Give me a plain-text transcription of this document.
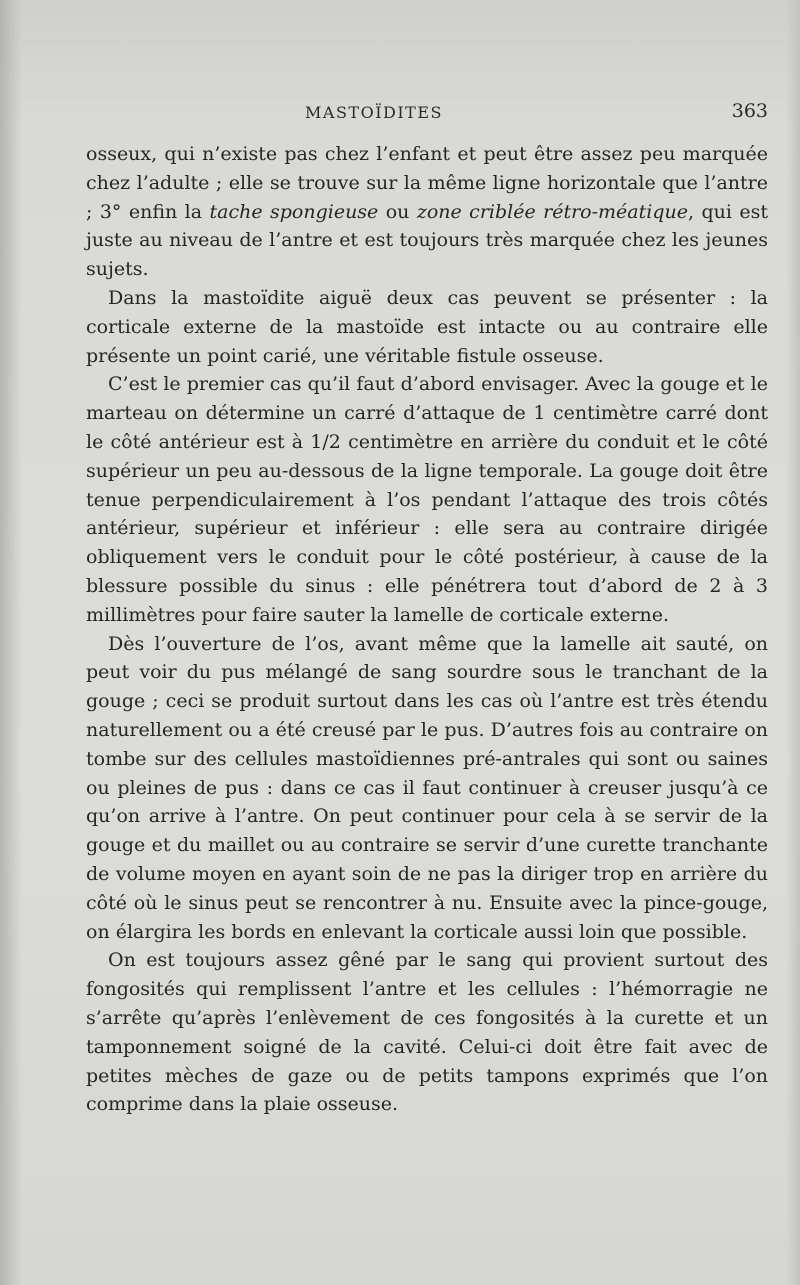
MASTOÏDITES	363

osseux, qui n’existe pas chez l’enfant et peut être assez peu marquée chez l’adulte ; elle se trouve sur la même ligne horizontale que l’antre ; 3° enfin la tache spongieuse ou zone criblée rétro-méatique, qui est juste au niveau de l’antre et est toujours très marquée chez les jeunes sujets.

Dans la mastoïdite aiguë deux cas peuvent se présenter : la corticale externe de la mastoïde est intacte ou au contraire elle présente un point carié, une véritable fistule osseuse.

C’est le premier cas qu’il faut d’abord envisager. Avec la gouge et le marteau on détermine un carré d’attaque de 1 centimètre carré dont le côté antérieur est à 1/2 centimètre en arrière du conduit et le côté supérieur un peu au-dessous de la ligne temporale. La gouge doit être tenue perpendiculairement à l’os pendant l’attaque des trois côtés antérieur, supérieur et inférieur : elle sera au contraire dirigée obliquement vers le conduit pour le côté postérieur, à cause de la blessure possible du sinus : elle pénétrera tout d’abord de 2 à 3 millimètres pour faire sauter la lamelle de corticale externe.

Dès l’ouverture de l’os, avant même que la lamelle ait sauté, on peut voir du pus mélangé de sang sourdre sous le tranchant de la gouge ; ceci se produit surtout dans les cas où l’antre est très étendu naturellement ou a été creusé par le pus. D’autres fois au contraire on tombe sur des cellules mastoïdiennes pré-antrales qui sont ou saines ou pleines de pus : dans ce cas il faut continuer à creuser jusqu’à ce qu’on arrive à l’antre. On peut continuer pour cela à se servir de la gouge et du maillet ou au contraire se servir d’une curette tranchante de volume moyen en ayant soin de ne pas la diriger trop en arrière du côté où le sinus peut se rencontrer à nu. Ensuite avec la pince-gouge, on élargira les bords en enlevant la corticale aussi loin que possible.

On est toujours assez gêné par le sang qui provient surtout des fongosités qui remplissent l’antre et les cellules : l’hémorragie ne s’arrête qu’après l’enlèvement de ces fongosités à la curette et un tamponnement soigné de la cavité. Celui-ci doit être fait avec de petites mèches de gaze ou de petits tampons exprimés que l’on comprime dans la plaie osseuse.
